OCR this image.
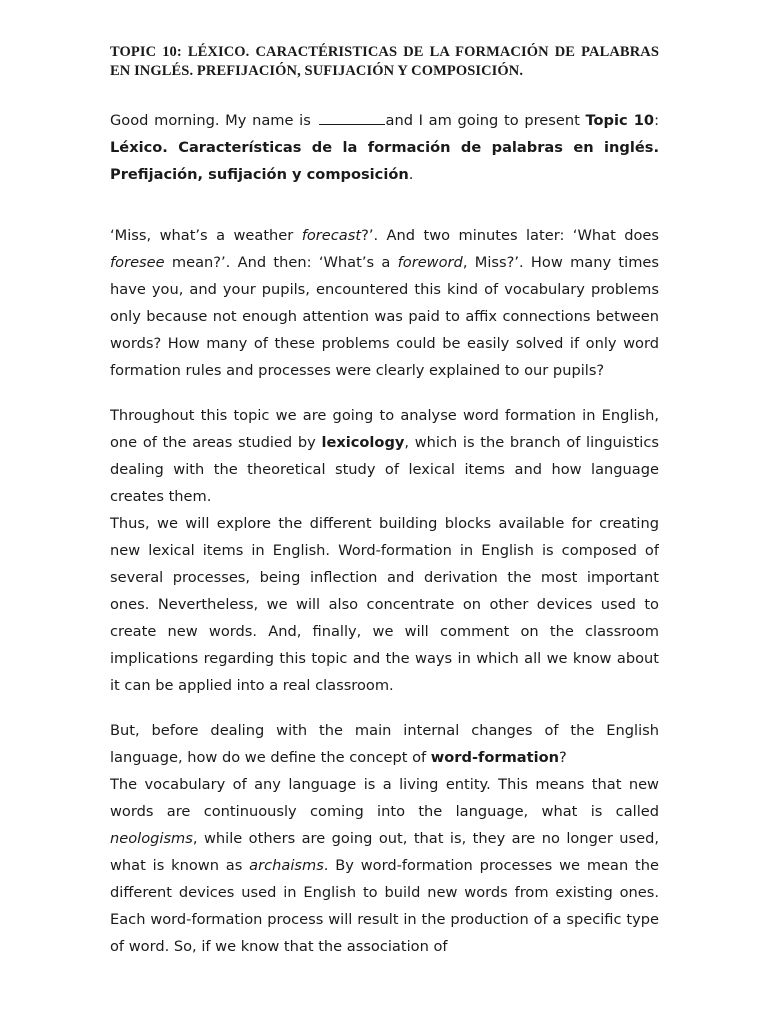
TOPIC 10: LÉXICO. CARACTÉRISTICAS DE LA FORMACIÓN DE PALABRAS EN INGLÉS. PREFIJACIÓN, SUFIJACIÓN Y COMPOSICIÓN.

Good morning. My name is	and I am going to present Topic 10: Léxico. Características de la formación de palabras en inglés. Prefijación, sufijación y composición.

‘Miss, what’s a weather forecast?’. And two minutes later: ‘What does foresee mean?’. And then: ‘What’s a foreword, Miss?’. How many times have you, and your pupils, encountered this kind of vocabulary problems only because not enough attention was paid to affix connections between words? How many of these problems could be easily solved if only word formation rules and processes were clearly explained to our pupils?

Throughout this topic we are going to analyse word formation in English, one of the areas studied by lexicology, which is the branch of linguistics dealing with the theoretical study of lexical items and how language creates them.

Thus, we will explore the different building blocks available for creating new lexical items in English. Word-formation in English is composed of several processes, being inflection and derivation the most important ones. Nevertheless, we will also concentrate on other devices used to create new words. And, finally, we will comment on the classroom implications regarding this topic and the ways in which all we know about it can be applied into a real classroom.

But, before dealing with the main internal changes of the English language, how do we define the concept of word-formation?

The vocabulary of any language is a living entity. This means that new words are continuously coming into the language, what is called neologisms, while others are going out, that is, they are no longer used, what is known as archaisms. By word-formation processes we mean the different devices used in English to build new words from existing ones. Each word-formation process will result in the production of a specific type of word. So, if we know that the association of
